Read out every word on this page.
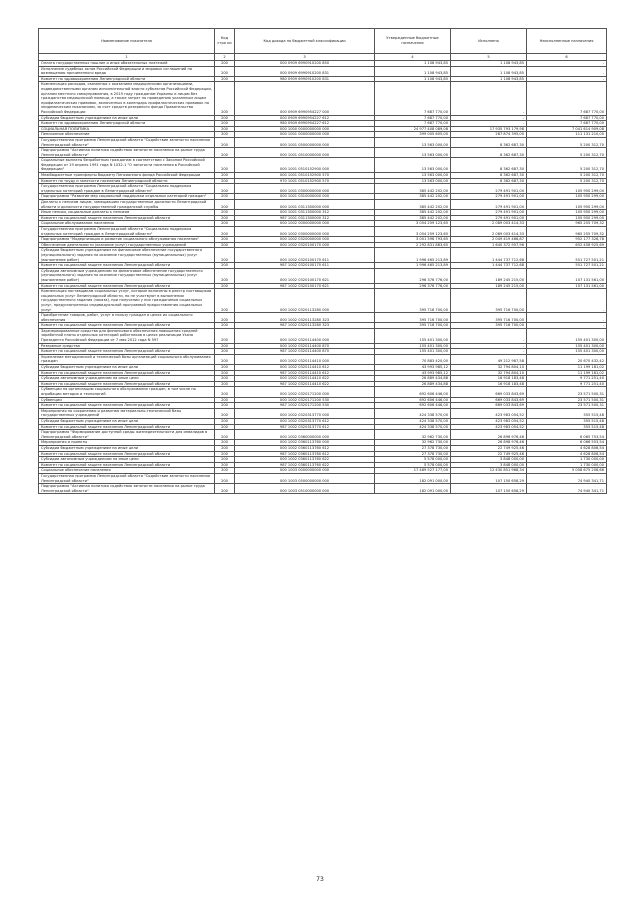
Наименование показателя	Код стро ки	Код дохода по бюджетной классификации	Утвержденные бюджетные назначения	Исполнено	Неисполненные назначения
1	2	3	4	5	6
Оплата государственных пошлин и иных обязательных платежей	200	000 0909 6990910200 850	1 108 943,85	1 108 943,85	-
Исполнение судебных актов Российской Федерации и мировых соглашений по возмещению причиненного вреда	200	000 0909 6990910200 831	1 108 943,85	1 108 943,85	-
Комитет по здравоохранению Ленинградской области	200	980 0909 6990910200 831	1 108 943,85	1 108 943,85	-
Компенсация расходов, связанных с оказанием медицинскими организациями, подведомственными органам исполнительной власти субъектов Российской Федерации, органам местного самоуправления, в 2019 году гражданам Украины и лицам без гражданства медицинской помощи, а также затрат по проведению указанным лицам профилактических прививок, включенных в календарь профилактических прививок по эпидемическим показаниям, за счет средств резервного фонда Правительства Российской Федерации	200	000 0909 6990954227 000	7 687 770,00	-	7 687 770,00
Субсидии бюджетным учреждениям на иные цели	200	000 0909 6990954227 612	7 687 770,00	-	7 687 770,00
Комитет по здравоохранению Ленинградской области	200	980 0909 6990954227 612	7 687 770,00	-	7 687 770,00
СОЦИАЛЬНАЯ ПОЛИТИКА	200	000 1000 0000000000 000	24 977 408 089,08	17 935 793 179,98	7 041 614 909,08
Пенсионное обеспечение	200	000 1001 0000000000 000	399 005 605,00	287 874 395,00	111 131 210,00
Государственная программа Ленинградской области "Содействие занятости населения Ленинградской области"	200	000 1001 0500000000 000	13 563 000,00	8 362 687,30	5 200 312,70
Подпрограмма "Активная политика содействия занятости населения на рынке труда Ленинградской области"	200	000 1001 0510000000 000	13 563 000,00	8 362 687,30	5 200 312,70
Социальные выплаты безработным гражданам в соответствии с Законом Российской Федерации от 19 апреля 1991 года N 1032-1 "О занятости населения в Российской Федерации"	200	000 1001 0510152900 000	13 563 000,00	8 362 687,30	5 200 312,70
Межбюджетные трансферты бюджету Пенсионного фонда Российской Федерации	200	000 1001 0510152900 570	13 563 000,00	8 362 687,30	5 200 312,70
Комитет по труду и занятости населения Ленинградской области	200	970 1001 0510152900 570	13 563 000,00	8 362 687,30	5 200 312,70
Государственная программа Ленинградской области "Социальная поддержка отдельных категорий граждан в Ленинградской области"	200	000 1001 0300000000 000	385 442 202,00	279 491 901,00	105 950 299,00
Подпрограмма "Развитие мер социальной поддержки отдельных категорий граждан"	200	000 1001 0310000000 000	385 442 202,00	279 491 901,00	105 950 299,00
Доплаты к пенсиям лицам, замещавшим государственные должности Ленинградской области и должности государственной гражданской службы	200	000 1001 0311300000 000	385 442 202,00	279 491 901,00	105 950 299,00
Иные пенсии, социальные доплаты к пенсиям	200	000 1001 0311300000 312	385 442 202,00	279 491 901,00	105 950 299,00
Комитет по социальной защите населения Ленинградской области	200	987 1001 0311300000 312	385 442 202,00	279 491 901,00	105 950 299,00
Социальное обслуживание населения	200	000 1002 0000000000 000	3 054 259 123,65	2 089 003 414,33	965 255 709,32
Государственная программа Ленинградской области "Социальная поддержка отдельных категорий граждан в Ленинградской области"	200	000 1002 0300000000 000	3 054 259 123,65	2 089 003 414,33	965 255 709,32
Подпрограмма "Модернизация и развитие социального обслуживания населения"	200	000 1002 0320000000 000	3 001 596 793,65	2 049 419 466,87	952 177 326,78
Обеспечение деятельности (оказание услуг) государственных учреждений	200	000 1002 0320100170 000	2 292 831 883,65	1 640 372 957,96	652 458 925,69
Субсидии бюджетным учреждениям на финансовое обеспечение государственного (муниципального) задания на оказание государственных (муниципальных) услуг (выполнение работ)	200	000 1002 0320100170 611	1 996 465 213,89	1 444 737 712,68	551 727 501,21
Комитет по социальной защите населения Ленинградской области	200	987 1002 0320100170 611	1 996 465 213,89	1 444 737 712,68	551 727 501,21
Субсидии автономным учреждениям на финансовое обеспечение государственного (муниципального) задания на оказание государственных (муниципальных) услуг (выполнение работ)	200	000 1002 0320100170 621	296 376 776,00	189 245 215,00	107 131 561,00
Комитет по социальной защите населения Ленинградской области	200	987 1002 0320100170 621	296 376 776,00	189 245 215,00	107 131 561,00
Компенсация поставщикам социальных услуг, которые включены в реестр поставщиков социальных услуг Ленинградской области, но не участвуют в выполнении государственного задания (заказа), при получении у них гражданином социальных услуг, предусмотренных индивидуальной программой предоставления социальных услуг	200	000 1002 0320113280 000	395 716 700,00	395 716 700,00	-
Приобретение товаров, работ, услуг в пользу граждан в целях их социального обеспечения	200	000 1002 0320113280 323	395 716 700,00	395 716 700,00	-
Комитет по социальной защите населения Ленинградской области	200	987 1002 0320113280 323	395 716 700,00	395 716 700,00	-
Зарезервированные средства для финансового обеспечения повышения средней заработной платы отдельных категорий работников в целях реализации Указа Президента Российской Федерации от 7 мая 2012 года N 597	200	000 1002 0320114400 000	155 401 300,00	-	155 401 300,00
Резервные средства	200	000 1002 0320114400 870	155 401 300,00	-	155 401 300,00
Комитет по социальной защите населения Ленинградской области	200	987 1002 0320114400 870	155 401 300,00	-	155 401 300,00
Укрепление методической и технической базы организаций социального обслуживания граждан	200	000 1002 0320114410 000	70 883 420,00	49 212 987,58	20 670 432,42
Субсидии бюджетным учреждениям на иные цели	200	000 1002 0320114410 612	43 993 985,12	32 794 804,10	11 199 181,02
Комитет по социальной защите населения Ленинградской области	200	987 1002 0320114410 612	43 993 985,12	32 794 804,10	11 199 181,02
Субсидии автономным учреждениям на иные цели	200	000 1002 0320114410 622	26 889 434,88	16 918 183,48	9 771 251,40
Комитет по социальной защите населения Ленинградской области	200	987 1002 0320114410 622	26 889 434,88	16 918 183,48	9 771 251,40
Субвенции на организацию социального обслуживания граждан, в том числе по апробации методик и технологий	200	000 1002 0320171200 000	692 606 446,00	669 033 843,69	23 571 500,31
Субвенции	200	000 1002 0320171200 530	692 606 446,00	669 033 843,69	23 571 500,31
Комитет по социальной защите населения Ленинградской области	200	987 1002 0320171200 530	692 606 446,00	669 033 843,69	23 571 500,31
Мероприятия по сохранению и развитию материально-технической базы государственных учреждений	200	000 1002 0320313770 000	424 338 570,00	423 983 054,52	355 515,48
Субсидии бюджетным учреждениям на иные цели	200	000 1002 0320313770 612	424 338 570,00	423 983 054,52	355 515,48
Комитет по социальной защите населения Ленинградской области	200	987 1002 0320313770 612	424 338 570,00	423 983 054,52	355 515,48
Подпрограмма "Формирование доступной среды жизнедеятельности для инвалидов в Ленинградской области"	200	000 1002 0360000000 000	32 962 730,00	26 896 976,46	6 065 753,54
Мероприятия и проекты	200	000 1002 0360113760 000	32 962 730,00	26 898 976,46	6 066 553,54
Субсидии бюджетным учреждениям на иные цели	200	000 1002 0360113760 612	27 378 730,00	22 749 925,46	4 628 806,54
Комитет по социальной защите населения Ленинградской области	200	987 1002 0360113760 612	27 378 730,00	22 749 925,46	4 628 806,54
Субсидии автономным учреждениям на иные цели	200	000 1002 0360113760 622	5 578 000,00	3 848 000,00	1 730 000,00
Комитет по социальной защите населения Ленинградской области	200	987 1002 0360113760 622	5 578 000,00	3 848 000,00	1 730 000,00
Социальное обеспечение населения	200	000 1003 0000000000 000	17 489 527 177,00	12 430 851 968,34	5 058 675 208,66
Государственная программа Ленинградской области "Содействие занятости населения Ленинградской области"	200	000 1003 0500000000 000	182 091 000,00	107 150 658,29	74 940 341,71
Подпрограмма "Активная политика содействия занятости населения на рынке труда Ленинградской области"	200	000 1003 0510000000 000	182 091 000,00	107 150 658,29	74 940 341,71
73
